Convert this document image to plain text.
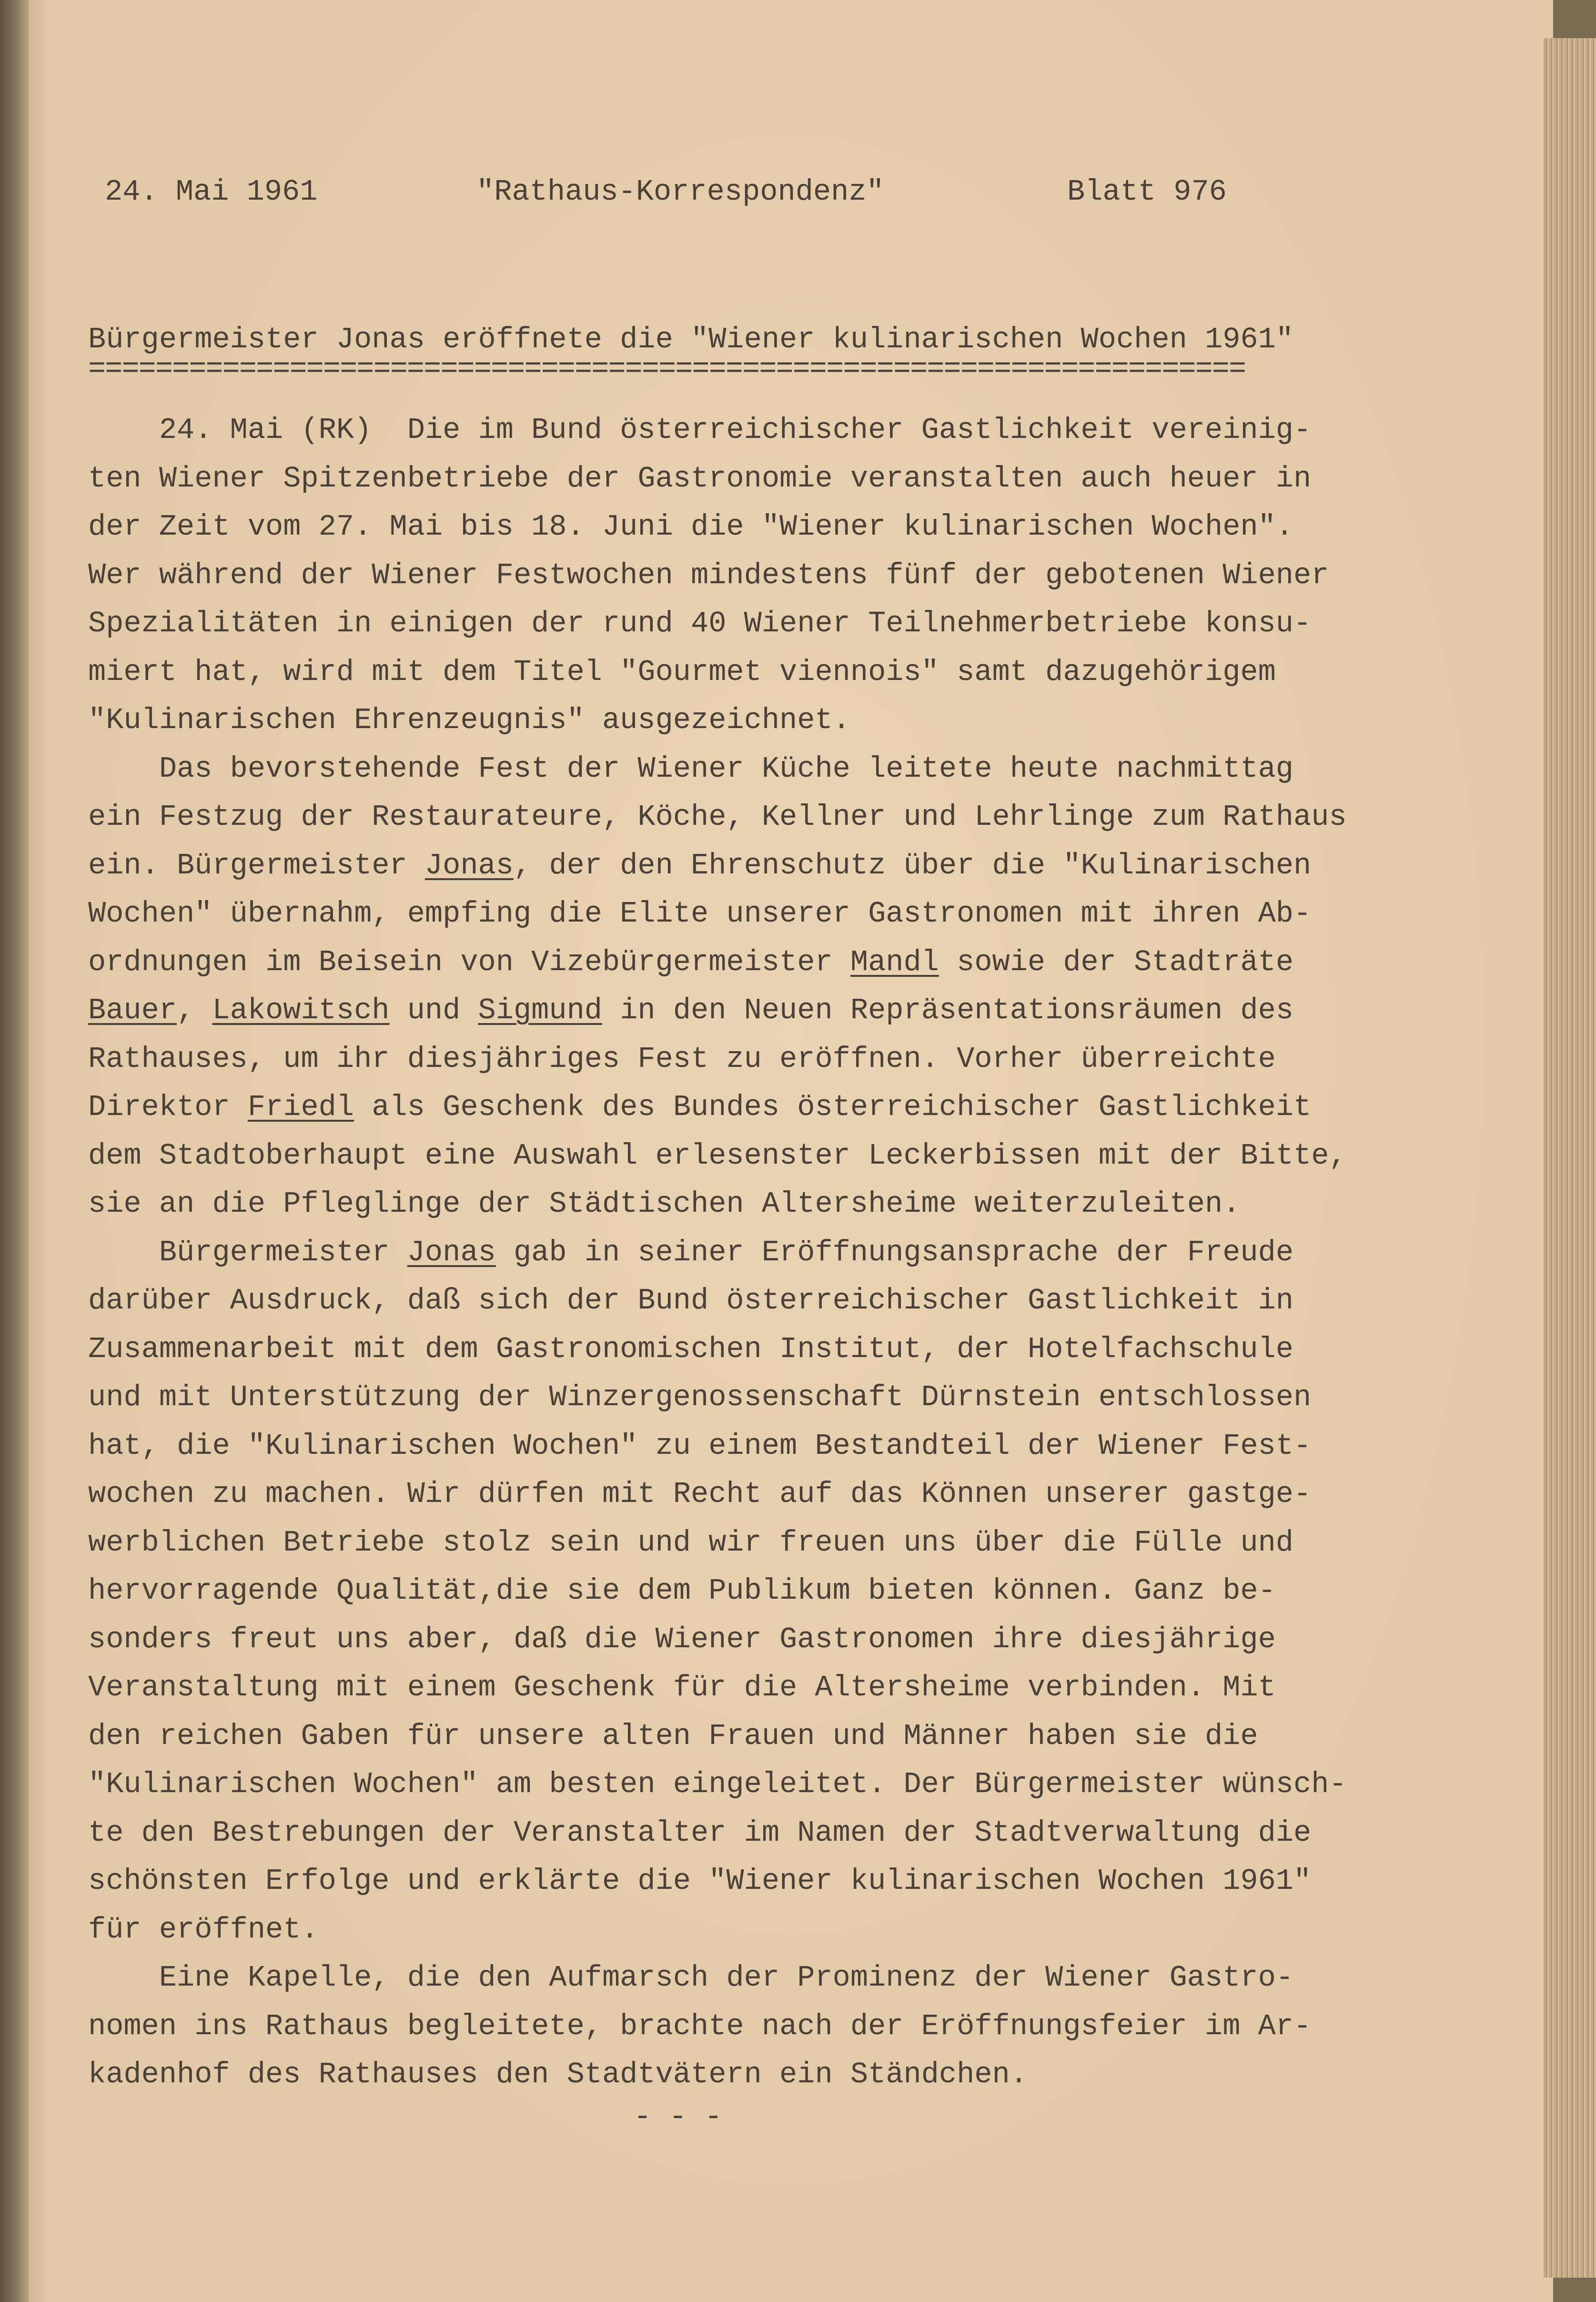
24. Mai 1961	"Rathaus-Korrespondenz"	Blatt 976
Bürgermeister Jonas eröffnete die "Wiener kulinarischen Wochen 1961"
=====================================================================
24. Mai (RK)  Die im Bund österreichischer Gastlichkeit vereinig-
ten Wiener Spitzenbetriebe der Gastronomie veranstalten auch heuer in
der Zeit vom 27. Mai bis 18. Juni die "Wiener kulinarischen Wochen".
Wer während der Wiener Festwochen mindestens fünf der gebotenen Wiener
Spezialitäten in einigen der rund 40 Wiener Teilnehmerbetriebe konsu-
miert hat, wird mit dem Titel "Gourmet viennois" samt dazugehörigem
"Kulinarischen Ehrenzeugnis" ausgezeichnet.
Das bevorstehende Fest der Wiener Küche leitete heute nachmittag
ein Festzug der Restaurateure, Köche, Kellner und Lehrlinge zum Rathaus
ein. Bürgermeister Jonas, der den Ehrenschutz über die "Kulinarischen
Wochen" übernahm, empfing die Elite unserer Gastronomen mit ihren Ab-
ordnungen im Beisein von Vizebürgermeister Mandl sowie der Stadträte
Bauer, Lakowitsch und Sigmund in den Neuen Repräsentationsräumen des
Rathauses, um ihr diesjähriges Fest zu eröffnen. Vorher überreichte
Direktor Friedl als Geschenk des Bundes österreichischer Gastlichkeit
dem Stadtoberhaupt eine Auswahl erlesenster Leckerbissen mit der Bitte,
sie an die Pfleglinge der Städtischen Altersheime weiterzuleiten.
Bürgermeister Jonas gab in seiner Eröffnungsansprache der Freude
darüber Ausdruck, daß sich der Bund österreichischer Gastlichkeit in
Zusammenarbeit mit dem Gastronomischen Institut, der Hotelfachschule
und mit Unterstützung der Winzergenossenschaft Dürnstein entschlossen
hat, die "Kulinarischen Wochen" zu einem Bestandteil der Wiener Fest-
wochen zu machen. Wir dürfen mit Recht auf das Können unserer gastge-
werblichen Betriebe stolz sein und wir freuen uns über die Fülle und
hervorragende Qualität,die sie dem Publikum bieten können. Ganz be-
sonders freut uns aber, daß die Wiener Gastronomen ihre diesjährige
Veranstaltung mit einem Geschenk für die Altersheime verbinden. Mit
den reichen Gaben für unsere alten Frauen und Männer haben sie die
"Kulinarischen Wochen" am besten eingeleitet. Der Bürgermeister wünsch-
te den Bestrebungen der Veranstalter im Namen der Stadtverwaltung die
schönsten Erfolge und erklärte die "Wiener kulinarischen Wochen 1961"
für eröffnet.
Eine Kapelle, die den Aufmarsch der Prominenz der Wiener Gastro-
nomen ins Rathaus begleitete, brachte nach der Eröffnungsfeier im Ar-
kadenhof des Rathauses den Stadtvätern ein Ständchen.
- - -
